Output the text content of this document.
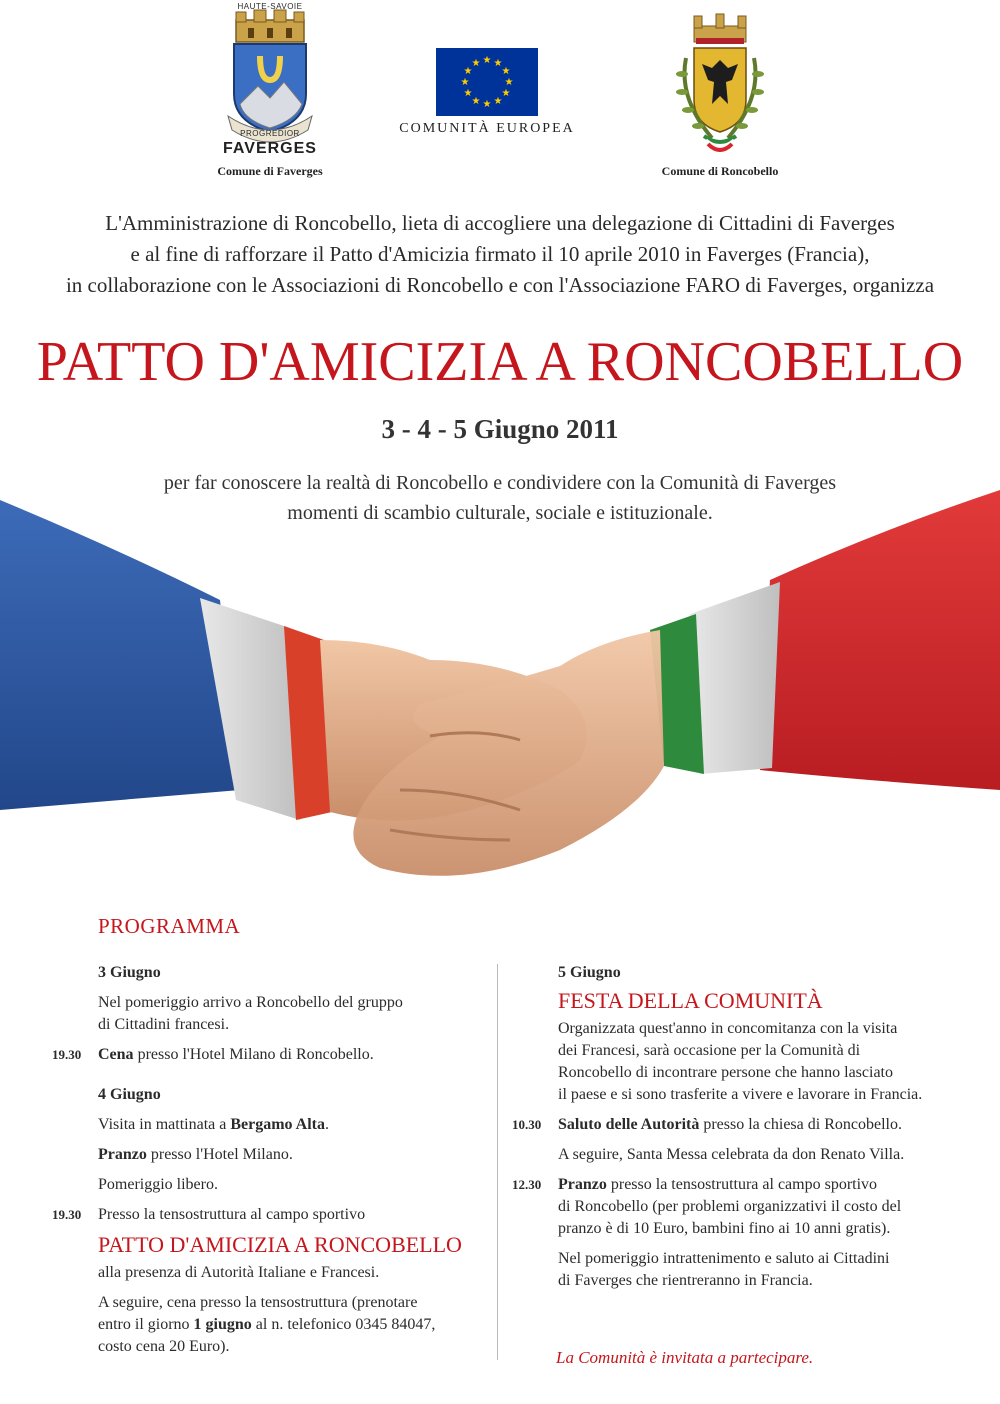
HAUTE-SAVOIE
PROGREDIOR
FAVERGES
Comune di Faverges
★ ★
★
★
★
★
★
★
★
★
★
★
COMUNITÀ EUROPEA
Comune di Roncobello
L'Amministrazione di Roncobello, lieta di accogliere una delegazione di Cittadini di Faverges
e al fine di rafforzare il Patto d'Amicizia firmato il 10 aprile 2010 in Faverges (Francia),
in collaborazione con le Associazioni di Roncobello e con l'Associazione FARO di Faverges, organizza
PATTO D'AMICIZIA A RONCOBELLO
3 - 4 - 5 Giugno 2011
per far conoscere la realtà di Roncobello e condividere con la Comunità di Faverges
momenti di scambio culturale, sociale e istituzionale.
PROGRAMMA

3 Giugno

Nel pomeriggio arrivo a Roncobello del gruppo

di Cittadini francesi.

19.30 Cena presso l'Hotel Milano di Roncobello.

4 Giugno

Visita in mattinata a Bergamo Alta.

Pranzo presso l'Hotel Milano.

Pomeriggio libero.

19.30 Presso la tensostruttura al campo sportivo

PATTO D'AMICIZIA A RONCOBELLO

alla presenza di Autorità Italiane e Francesi.

A seguire, cena presso la tensostruttura (prenotare

entro il giorno 1 giugno al n. telefonico 0345 84047,

costo cena 20 Euro).

5 Giugno

FESTA DELLA COMUNITÀ

Organizzata quest'anno in concomitanza con la visita

dei Francesi, sarà occasione per la Comunità di

Roncobello di incontrare persone che hanno lasciato

il paese e si sono trasferite a vivere e lavorare in Francia.

10.30 Saluto delle Autorità presso la chiesa di Roncobello.

A seguire, Santa Messa celebrata da don Renato Villa.

12.30 Pranzo presso la tensostruttura al campo sportivo

di Roncobello (per problemi organizzativi il costo del

pranzo è di 10 Euro, bambini fino ai 10 anni gratis).

Nel pomeriggio intrattenimento e saluto ai Cittadini

di Faverges che rientreranno in Francia.

La Comunità è invitata a partecipare.
